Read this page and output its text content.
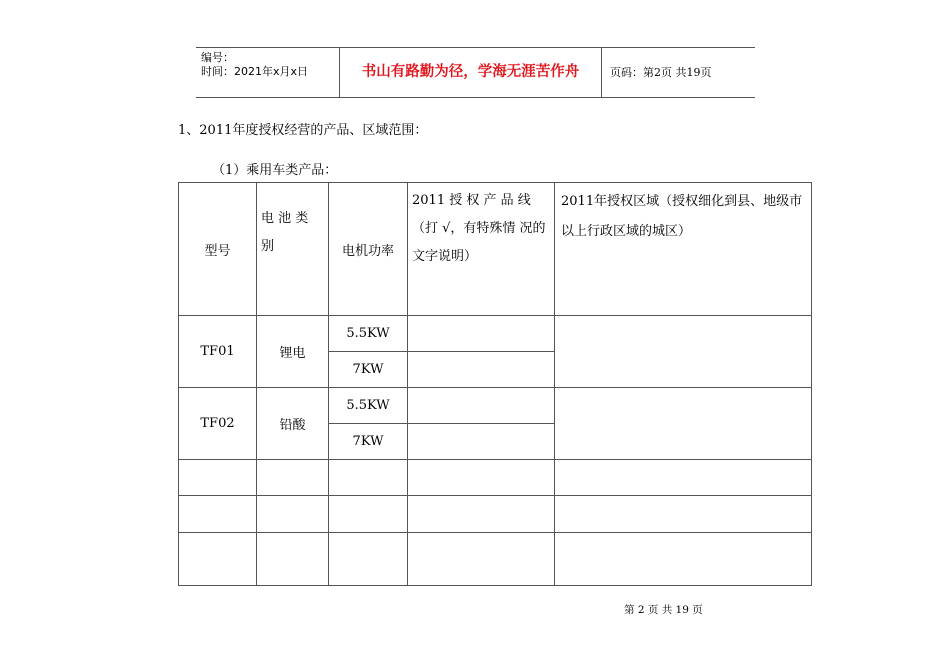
编号：
时间：2021年x月x日	书山有路勤为径，学海无涯苦作舟	页码：第2页 共19页
1、2011年度授权经营的产品、区域范围：
（1）乘用车类产品：
型号	电 池 类 别	电机功率	2011 授 权 产 品 线 （打 √，有特殊情 况的文字说明）	2011年授权区域（授权细化到县、地级市以上行政区域的城区）
TF01	锂电	5.5KW		
		7KW		
TF02	铅酸	5.5KW		
		7KW		

第 2 页 共 19 页
